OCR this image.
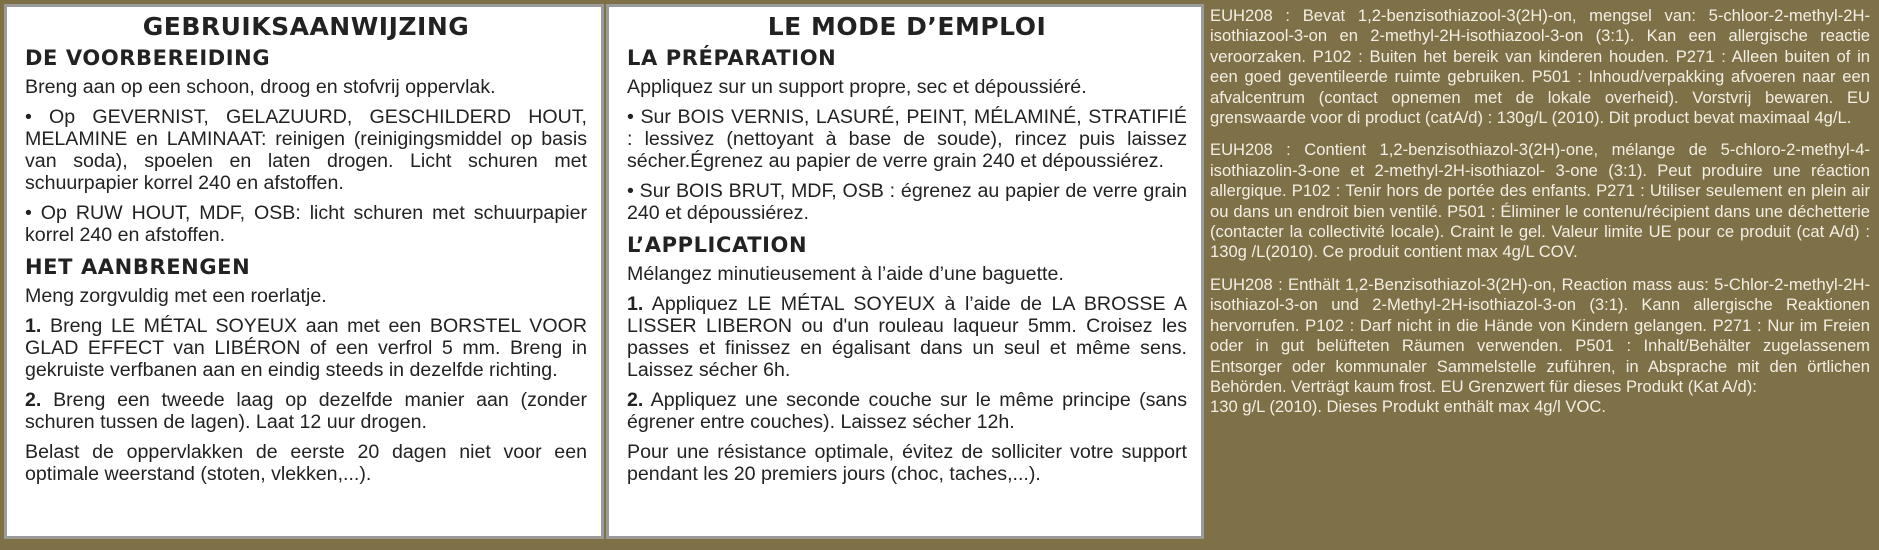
GEBRUIKSAANWIJZING
DE VOORBEREIDING

Breng aan op een schoon, droog en stofvrij oppervlak.

• Op GEVERNIST, GELAZUURD, GESCHILDERD HOUT, MELAMINE en LAMINAAT: reinigen (reinigingsmiddel op basis van soda), spoelen en laten drogen. Licht schuren met schuurpapier korrel 240 en afstoffen.

• Op RUW HOUT, MDF, OSB: licht schuren met schuurpapier korrel 240 en afstoffen.

HET AANBRENGEN

Meng zorgvuldig met een roerlatje.

1. Breng LE MÉTAL SOYEUX aan met een BORSTEL VOOR GLAD EFFECT van LIBÉRON of een verfrol 5 mm. Breng in gekruiste verfbanen aan en eindig steeds in dezelfde richting.

2. Breng een tweede laag op dezelfde manier aan (zonder schuren tussen de lagen). Laat 12 uur drogen.

Belast de oppervlakken de eerste 20 dagen niet voor een optimale weerstand (stoten, vlekken,...).

LE MODE D’EMPLOI
LA PRÉPARATION

Appliquez sur un support propre, sec et dépoussiéré.

• Sur BOIS VERNIS, LASURÉ, PEINT, MÉLAMINÉ, STRATIFIÉ : lessivez (nettoyant à base de soude), rincez puis laissez sécher.Égrenez au papier de verre grain 240 et dépoussiérez.

• Sur BOIS BRUT, MDF, OSB : égrenez au papier de verre grain 240 et dépoussiérez.

L’APPLICATION

Mélangez minutieusement à l’aide d’une baguette.

1. Appliquez LE MÉTAL SOYEUX à l’aide de LA BROSSE A LISSER LIBERON ou d'un rouleau laqueur 5mm. Croisez les passes et finissez en égalisant dans un seul et même sens. Laissez sécher 6h.

2. Appliquez une seconde couche sur le même principe (sans égrener entre couches). Laissez sécher 12h.

Pour une résistance optimale, évitez de solliciter votre support pendant les 20 premiers jours (choc, taches,...).

EUH208 : Bevat 1,2-benzisothiazool-3(2H)-on, mengsel van: 5-chloor-2-methyl-2H-isothiazool-3-on en 2-methyl-2H-isothiazool-3-on (3:1). Kan een allergische reactie veroorzaken. P102 : Buiten het bereik van kinderen houden. P271 : Alleen buiten of in een goed geventileerde ruimte gebruiken. P501 : Inhoud/verpakking afvoeren naar een afvalcentrum (contact opnemen met de lokale overheid). Vorstvrij bewaren. EU grenswaarde voor di product (catA/d) : 130g/L (2010). Dit product bevat maximaal 4g/L.

EUH208 : Contient 1,2-benzisothiazol-3(2H)-one, mélange de 5-chloro-2-methyl-4-isothiazolin-3-one et 2-methyl-2H-isothiazol- 3-one (3:1). Peut produire une réaction allergique. P102 : Tenir hors de portée des enfants. P271 : Utiliser seulement en plein air ou dans un endroit bien ventilé. P501 : Éliminer le contenu/récipient dans une déchetterie (contacter la collectivité locale). Craint le gel. Valeur limite UE pour ce produit (cat A/d) : 130g /L(2010). Ce produit contient max 4g/L COV.

EUH208 : Enthält 1,2-Benzisothiazol-3(2H)-on, Reaction mass aus: 5-Chlor-2-methyl-2H-isothiazol-3-on und 2-Methyl-2H-isothiazol-3-on (3:1). Kann allergische Reaktionen hervorrufen. P102 : Darf nicht in die Hände von Kindern gelangen. P271 : Nur im Freien oder in gut belüfteten Räumen verwenden. P501 : Inhalt/Behälter zugelassenem Entsorger oder kommunaler Sammelstelle zuführen, in Absprache mit den örtlichen Behörden. Verträgt kaum frost. EU Grenzwert für dieses Produkt (Kat A/d):
130 g/L (2010). Dieses Produkt enthält max 4g/l VOC.
